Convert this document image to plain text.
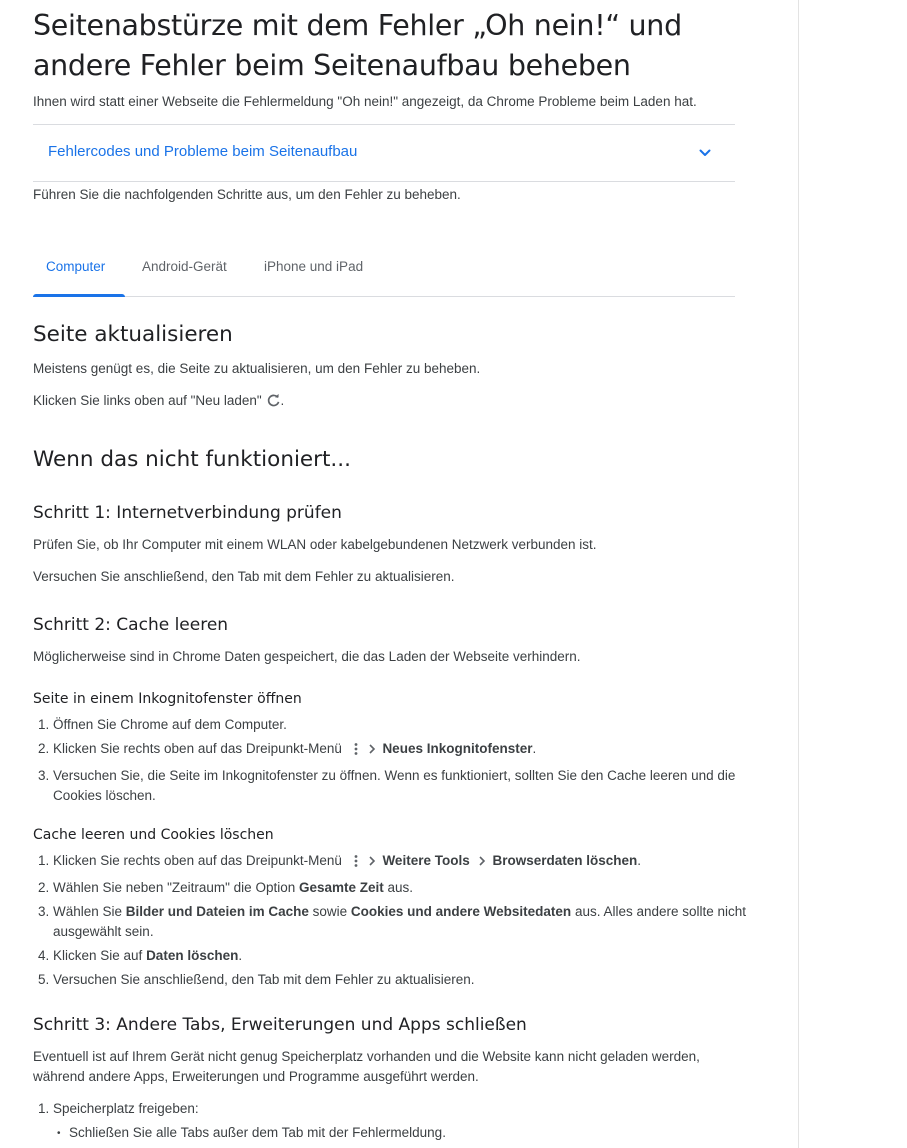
Seitenabstürze mit dem Fehler „Oh nein!“ und andere Fehler beim Seitenaufbau beheben
Ihnen wird statt einer Webseite die Fehlermeldung "Oh nein!" angezeigt, da Chrome Probleme beim Laden hat.
Fehlercodes und Probleme beim Seitenaufbau
Führen Sie die nachfolgenden Schritte aus, um den Fehler zu beheben.
Computer	Android-Gerät	iPhone und iPad
Seite aktualisieren

Meistens genügt es, die Seite zu aktualisieren, um den Fehler zu beheben.

Klicken Sie links oben auf "Neu laden" .

Wenn das nicht funktioniert...
Schritt 1: Internetverbindung prüfen

Prüfen Sie, ob Ihr Computer mit einem WLAN oder kabelgebundenen Netzwerk verbunden ist.

Versuchen Sie anschließend, den Tab mit dem Fehler zu aktualisieren.

Schritt 2: Cache leeren

Möglicherweise sind in Chrome Daten gespeichert, die das Laden der Webseite verhindern.

Seite in einem Inkognitofenster öffnen
1. Öffnen Sie Chrome auf dem Computer.
2. Klicken Sie rechts oben auf das Dreipunkt-Menü	Neues Inkognitofenster.
3. Versuchen Sie, die Seite im Inkognitofenster zu öffnen. Wenn es funktioniert, sollten Sie den Cache leeren und die Cookies löschen.
Cache leeren und Cookies löschen
1. Klicken Sie rechts oben auf das Dreipunkt-Menü	Weitere Tools Browserdaten löschen.
2. Wählen Sie neben "Zeitraum" die Option Gesamte Zeit aus.
3. Wählen Sie Bilder und Dateien im Cache sowie Cookies und andere Websitedaten aus. Alles andere sollte nicht ausgewählt sein.
4. Klicken Sie auf Daten löschen.
5. Versuchen Sie anschließend, den Tab mit dem Fehler zu aktualisieren.
Schritt 3: Andere Tabs, Erweiterungen und Apps schließen

Eventuell ist auf Ihrem Gerät nicht genug Speicherplatz vorhanden und die Website kann nicht geladen werden, während andere Apps, Erweiterungen und Programme ausgeführt werden.

1. Speicherplatz freigeben:
• Schließen Sie alle Tabs außer dem Tab mit der Fehlermeldung.
